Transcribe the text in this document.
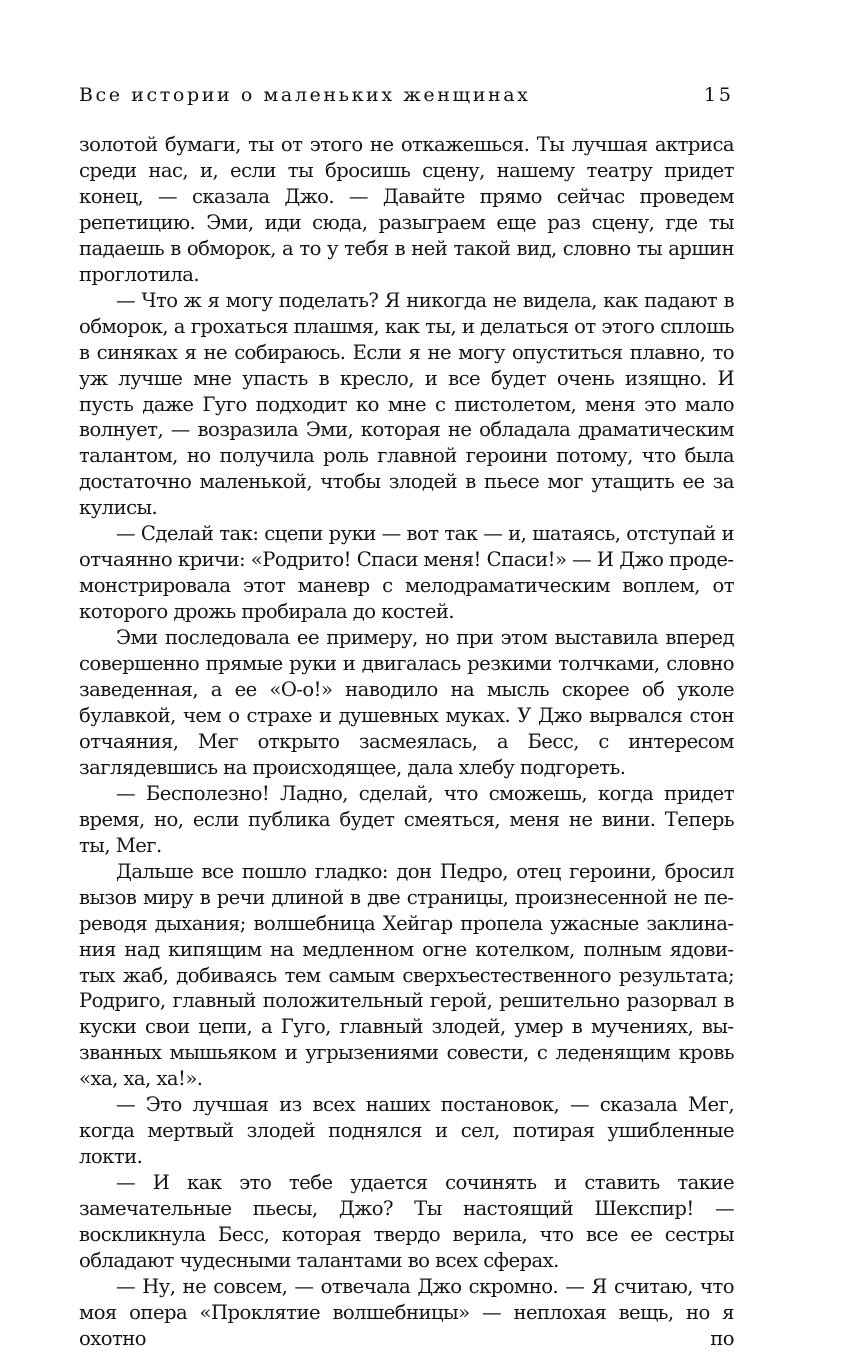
Все истории о маленьких женщинах	15

золотой бумаги, ты от этого не откажешься. Ты лучшая актриса среди нас, и, если ты бросишь сцену, нашему театру придет конец, — сказала Джо. — Давайте прямо сейчас проведем репетицию. Эми, иди сюда, разыграем еще раз сцену, где ты падаешь в обморок, а то у тебя в ней такой вид, словно ты аршин проглотила.

— Что ж я могу поделать? Я никогда не видела, как падают в обморок, а грохаться плашмя, как ты, и делаться от этого сплошь в синяках я не собираюсь. Если я не могу опуститься плавно, то уж лучше мне упасть в кресло, и все будет очень изящно. И пусть даже Гуго подходит ко мне с пистолетом, меня это мало волнует, — возразила Эми, которая не обладала драматическим талантом, но получила роль главной героини потому, что была достаточно маленькой, чтобы злодей в пьесе мог утащить ее за кулисы.

— Сделай так: сцепи руки — вот так — и, шатаясь, отступай и отчаянно кричи: «Родрито! Спаси меня! Спаси!» — И Джо продемонстрировала этот маневр с мелодраматическим воплем, от которого дрожь пробирала до костей.

Эми последовала ее примеру, но при этом выставила вперед совершенно прямые руки и двигалась резкими толчками, словно заведенная, а ее «О-о!» наводило на мысль скорее об уколе булавкой, чем о страхе и душевных муках. У Джо вырвался стон отчаяния, Мег открыто засмеялась, а Бесс, с интересом заглядевшись на происходящее, дала хлебу подгореть.

— Бесполезно! Ладно, сделай, что сможешь, когда придет время, но, если публика будет смеяться, меня не вини. Теперь ты, Мег.

Дальше все пошло гладко: дон Педро, отец героини, бросил вызов миру в речи длиной в две страницы, произнесенной не переводя дыхания; волшебница Хейгар пропела ужасные заклинания над кипящим на медленном огне котелком, полным ядовитых жаб, добиваясь тем самым сверхъестественного результата; Родриго, главный положительный герой, решительно разорвал в куски свои цепи, а Гуго, главный злодей, умер в мучениях, вызванных мышьяком и угрызениями совести, с леденящим кровь «ха, ха, ха!».

— Это лучшая из всех наших постановок, — сказала Мег, когда мертвый злодей поднялся и сел, потирая ушибленные локти.

— И как это тебе удается сочинять и ставить такие замечательные пьесы, Джо? Ты настоящий Шекспир! — воскликнула Бесс, которая твердо верила, что все ее сестры обладают чудесными талантами во всех сферах.

— Ну, не совсем, — отвечала Джо скромно. — Я считаю, что моя опера «Проклятие волшебницы» — неплохая вещь, но я охотно по
